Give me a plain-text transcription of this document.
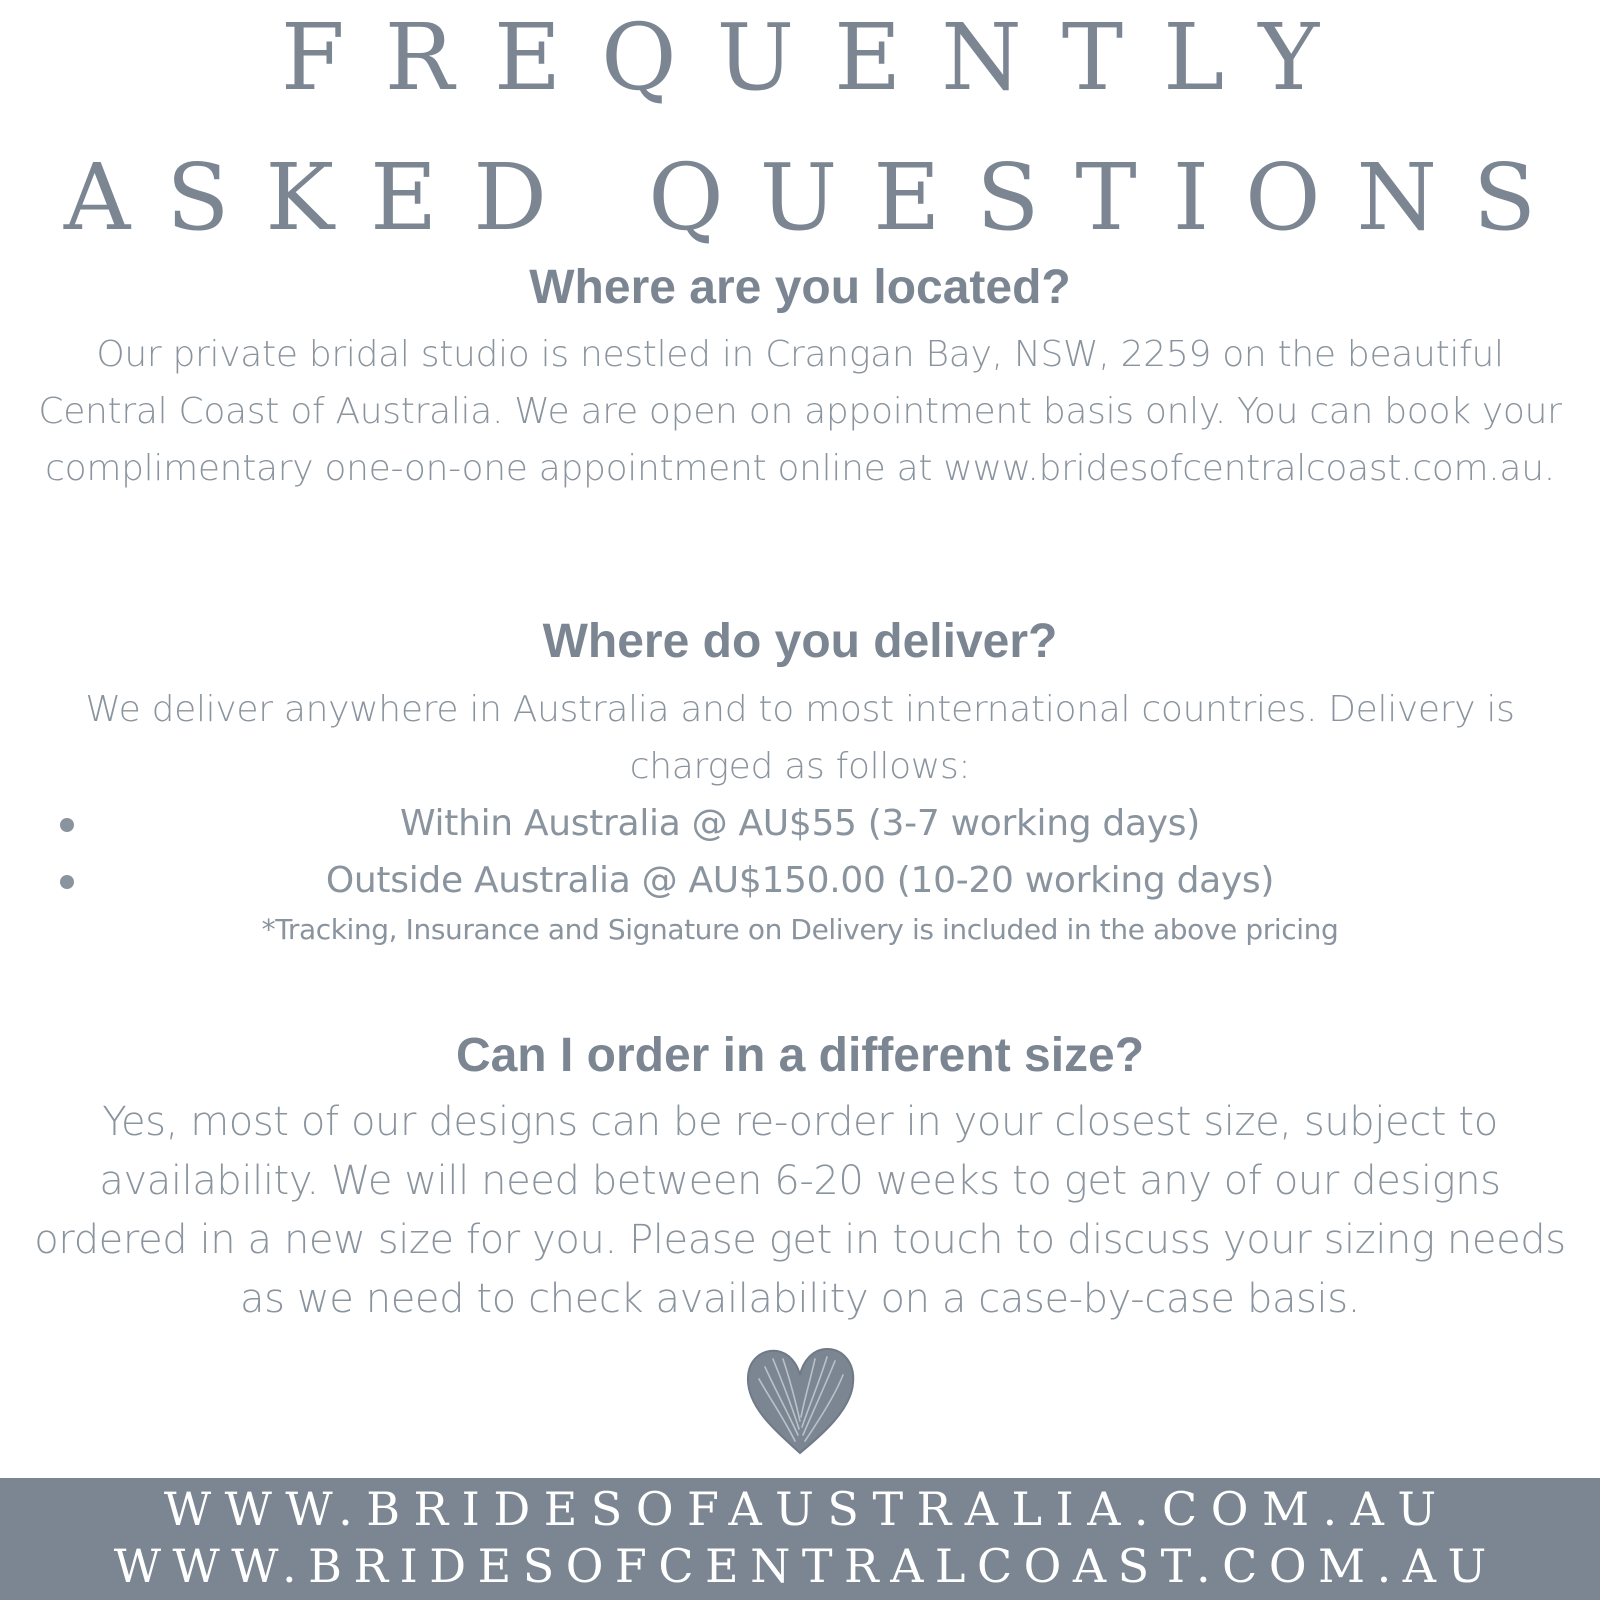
FREQUENTLY
ASKED QUESTIONS
Where are you located?

Our private bridal studio is nestled in Crangan Bay, NSW, 2259 on the beautiful Central Coast of Australia. We are open on appointment basis only. You can book your complimentary one-on-one appointment online at www.bridesofcentralcoast.com.au.

Where do you deliver?

We deliver anywhere in Australia and to most international countries. Delivery is charged as follows:

Within Australia @ AU$55 (3-7 working days)
Outside Australia @ AU$150.00 (10-20 working days)

*Tracking, Insurance and Signature on Delivery is included in the above pricing

Can I order in a different size?

Yes, most of our designs can be re-order in your closest size, subject to availability. We will need between 6-20 weeks to get any of our designs ordered in a new size for you. Please get in touch to discuss your sizing needs as we need to check availability on a case-by-case basis.

WWW.BRIDESOFAUSTRALIA.COM.AU

WWW.BRIDESOFCENTRALCOAST.COM.AU
